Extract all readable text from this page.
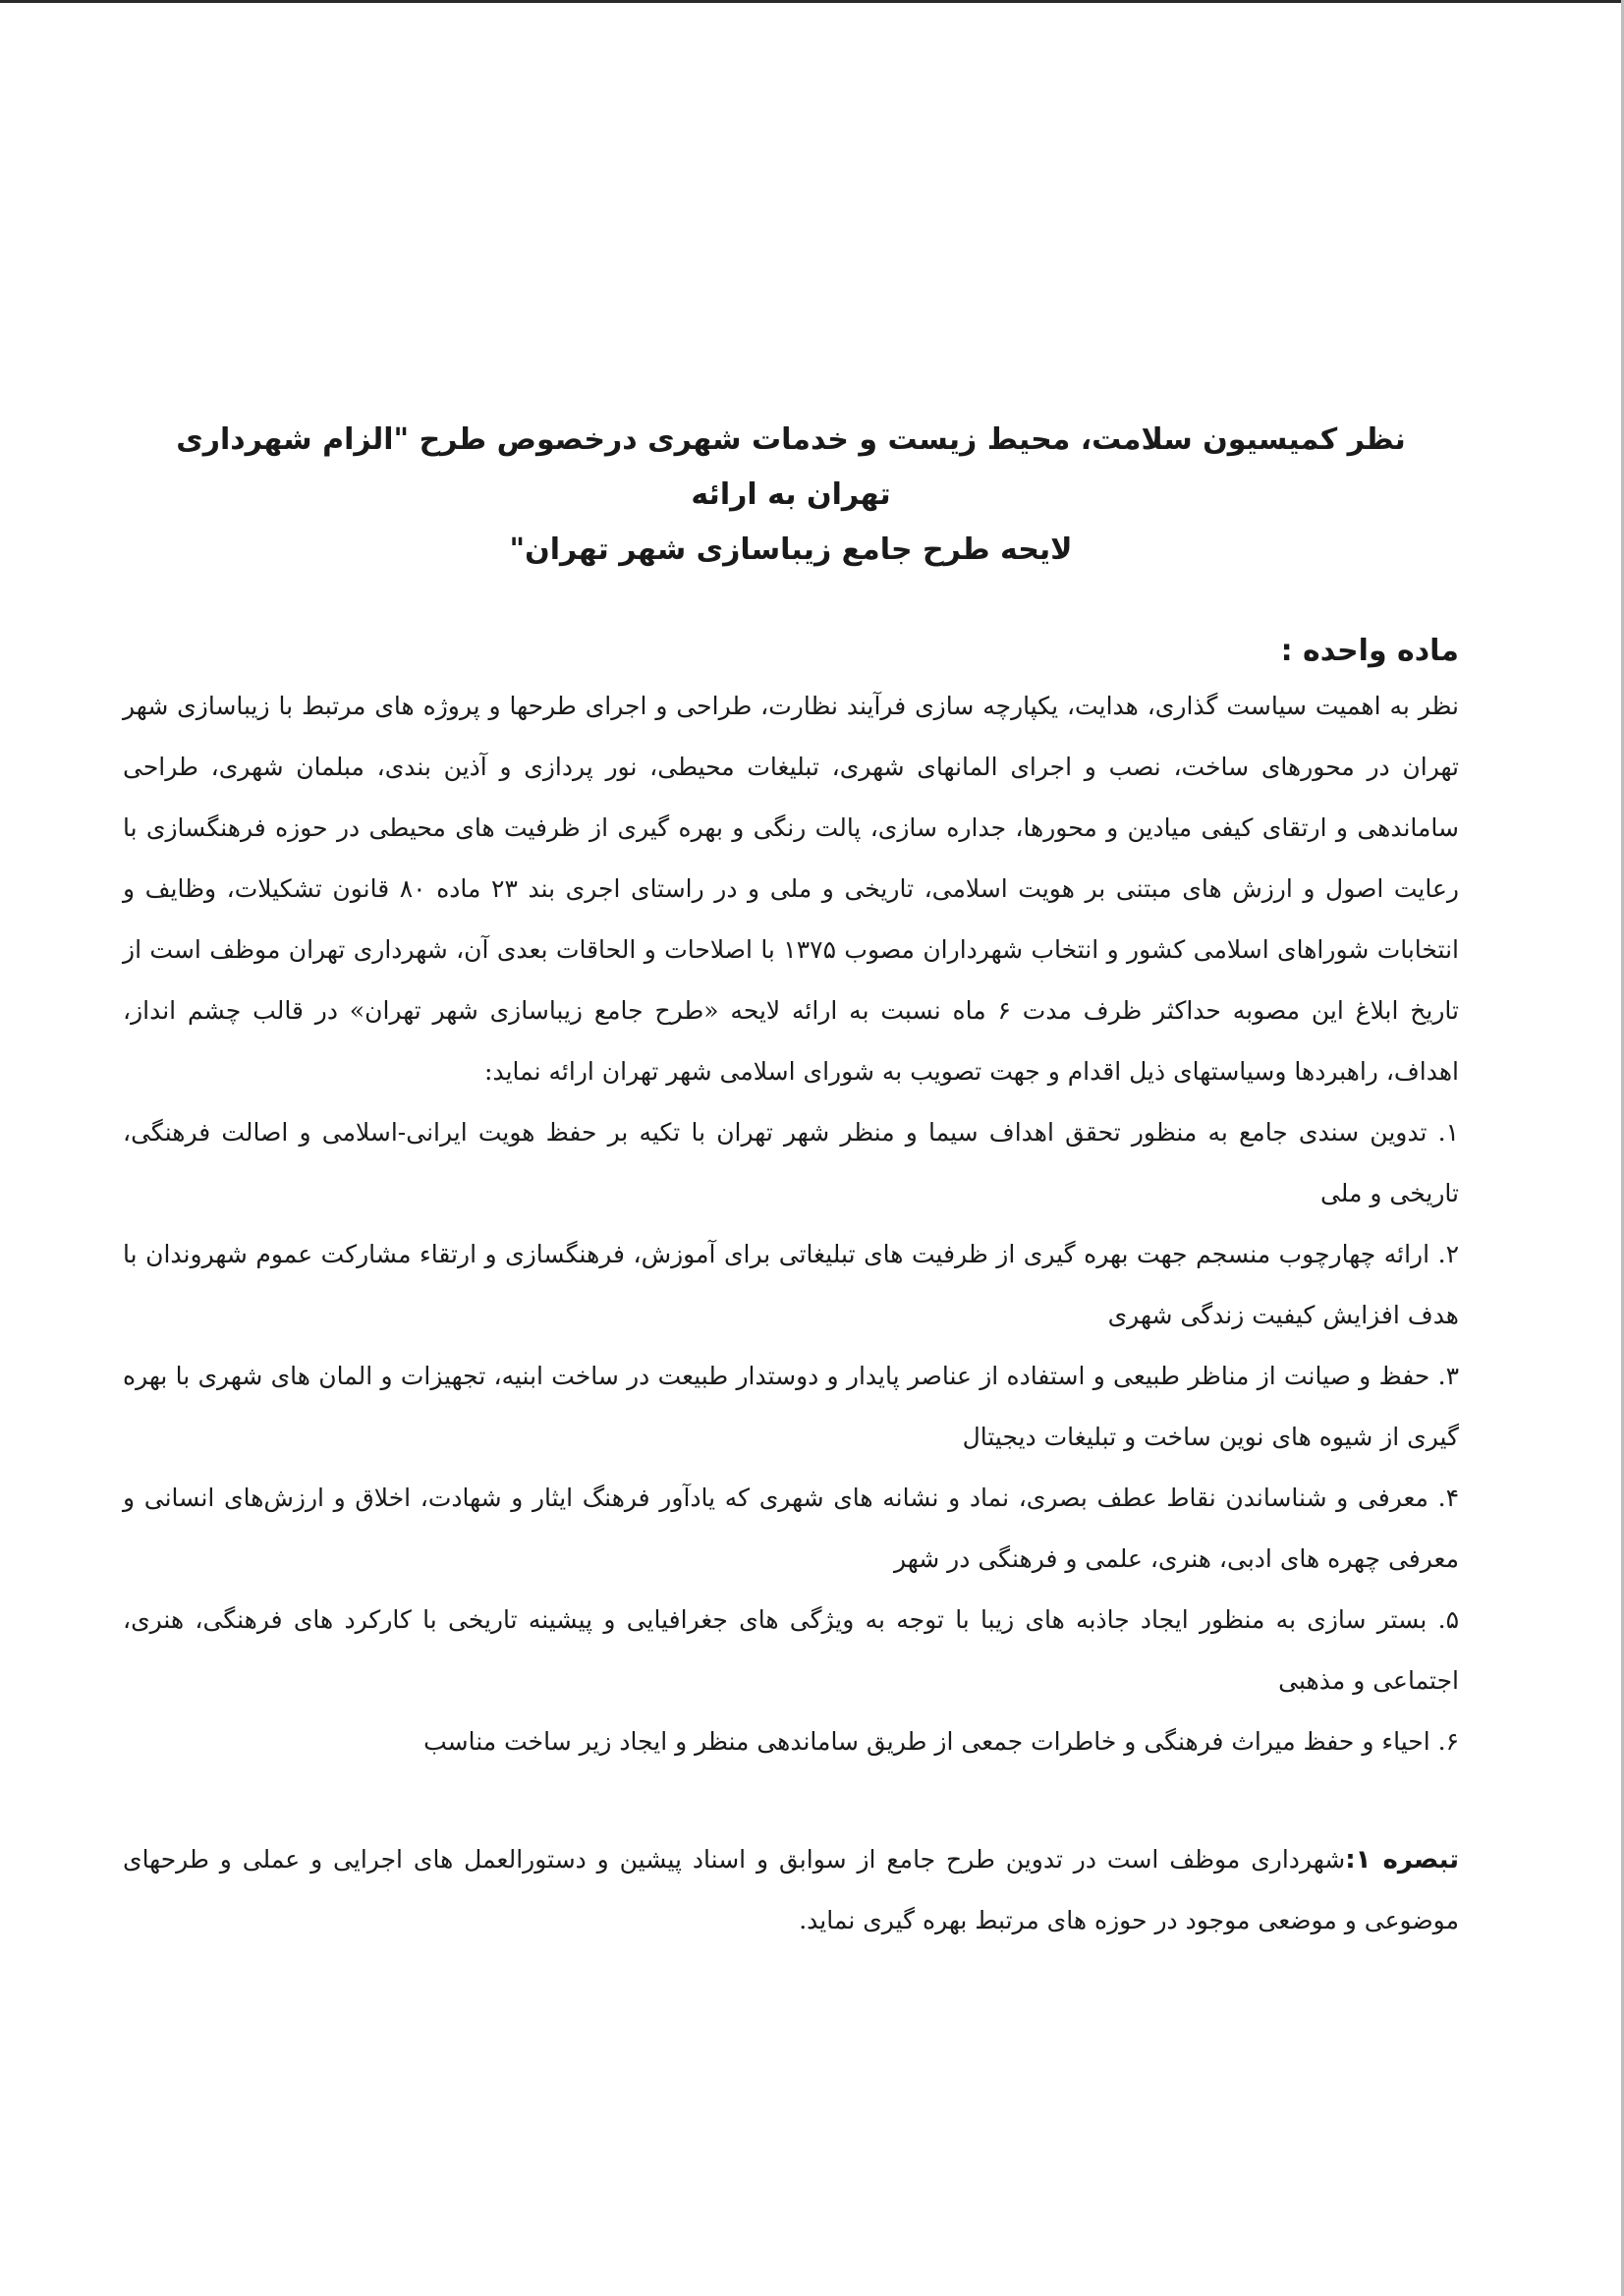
نظر کمیسیون سلامت، محیط زیست و خدمات شهری درخصوص طرح "الزام شهرداری تهران به ارائه
لایحه طرح جامع زیباسازی شهر تهران"
ماده واحده :

نظر به اهمیت سیاست گذاری، هدایت، یکپارچه سازی فرآیند نظارت، طراحی و اجرای طرحها و پروژه های مرتبط با زیباسازی شهر تهران در محورهای ساخت، نصب و اجرای المانهای شهری، تبلیغات محیطی، نور پردازی و آذین بندی، مبلمان شهری، طراحی ساماندهی و ارتقای کیفی میادین و محورها، جداره سازی، پالت رنگی و بهره گیری از ظرفیت های محیطی در حوزه فرهنگسازی با رعایت اصول و ارزش های مبتنی بر هویت اسلامی، تاریخی و ملی و در راستای اجری بند ۲۳ ماده ۸۰ قانون تشکیلات، وظایف و انتخابات شوراهای اسلامی کشور و انتخاب شهرداران مصوب ۱۳۷۵ با اصلاحات و الحاقات بعدی آن، شهرداری تهران موظف است از تاریخ ابلاغ این مصوبه حداکثر ظرف مدت ۶ ماه نسبت به ارائه لایحه «طرح جامع زیباسازی شهر تهران» در قالب چشم انداز، اهداف، راهبردها وسیاستهای ذیل اقدام و جهت تصویب به شورای اسلامی شهر تهران ارائه نماید:

۱. تدوین سندی جامع به منظور تحقق اهداف سیما و منظر شهر تهران با تکیه بر حفظ هویت ایرانی-اسلامی و اصالت فرهنگی، تاریخی و ملی

۲. ارائه چهارچوب منسجم جهت بهره گیری از ظرفیت های تبلیغاتی برای آموزش، فرهنگسازی و ارتقاء مشارکت عموم شهروندان با هدف افزایش کیفیت زندگی شهری

۳. حفظ و صیانت از مناظر طبیعی و استفاده از عناصر پایدار و دوستدار طبیعت در ساخت ابنیه، تجهیزات و المان های شهری با بهره گیری از شیوه های نوین ساخت و تبلیغات دیجیتال

۴. معرفی و شناساندن نقاط عطف بصری، نماد و نشانه های شهری که یادآور فرهنگ ایثار و شهادت، اخلاق و ارزش‌های انسانی و معرفی چهره های ادبی، هنری، علمی و فرهنگی در شهر

۵. بستر سازی به منظور ایجاد جاذبه های زیبا با توجه به ویژگی های جغرافیایی و پیشینه تاریخی با کارکرد های فرهنگی، هنری، اجتماعی و مذهبی

۶. احیاء و حفظ میراث فرهنگی و خاطرات جمعی از طریق ساماندهی منظر و ایجاد زیر ساخت مناسب

تبصره ۱:شهرداری موظف است در تدوین طرح جامع از سوابق و اسناد پیشین و دستورالعمل های اجرایی و عملی و طرحهای موضوعی و موضعی موجود در حوزه های مرتبط بهره گیری نماید.
